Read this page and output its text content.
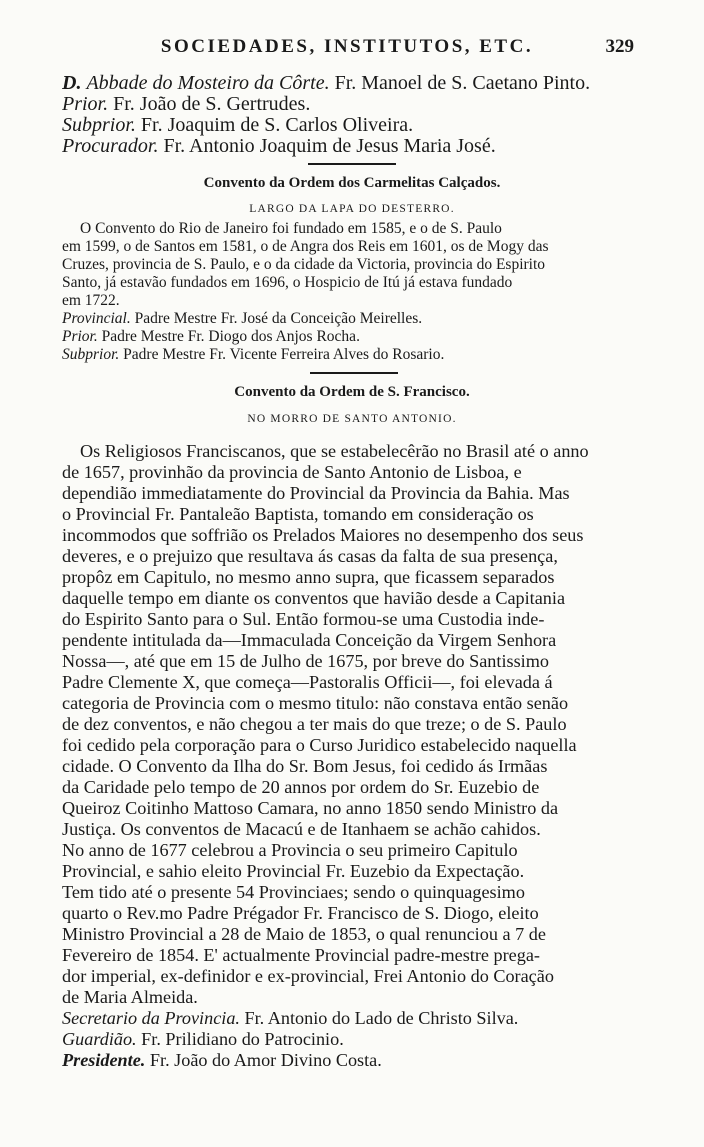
SOCIEDADES, INSTITUTOS, ETC.	329
D. Abbade do Mosteiro da Côrte. Fr. Manoel de S. Caetano Pinto.
Prior. Fr. João de S. Gertrudes.
Subprior. Fr. Joaquim de S. Carlos Oliveira.
Procurador. Fr. Antonio Joaquim de Jesus Maria José.
Convento da Ordem dos Carmelitas Calçados.
LARGO DA LAPA DO DESTERRO.
O Convento do Rio de Janeiro foi fundado em 1585, e o de S. Paulo
em 1599, o de Santos em 1581, o de Angra dos Reis em 1601, os de Mogy das
Cruzes, provincia de S. Paulo, e o da cidade da Victoria, provincia do Espirito
Santo, já estavão fundados em 1696, o Hospicio de Itú já estava fundado
em 1722.
Provincial. Padre Mestre Fr. José da Conceição Meirelles.
Prior. Padre Mestre Fr. Diogo dos Anjos Rocha.
Subprior. Padre Mestre Fr. Vicente Ferreira Alves do Rosario.
Convento da Ordem de S. Francisco.
NO MORRO DE SANTO ANTONIO.
Os Religiosos Franciscanos, que se estabelecêrão no Brasil até o anno
de 1657, provinhão da provincia de Santo Antonio de Lisboa, e
dependião immediatamente do Provincial da Provincia da Bahia. Mas
o Provincial Fr. Pantaleão Baptista, tomando em consideração os
incommodos que soffrião os Prelados Maiores no desempenho dos seus
deveres, e o prejuizo que resultava ás casas da falta de sua presença,
propôz em Capitulo, no mesmo anno supra, que ficassem separados
daquelle tempo em diante os conventos que havião desde a Capitania
do Espirito Santo para o Sul. Então formou-se uma Custodia inde-
pendente intitulada da—Immaculada Conceição da Virgem Senhora
Nossa—, até que em 15 de Julho de 1675, por breve do Santissimo
Padre Clemente X, que começa—Pastoralis Officii—, foi elevada á
categoria de Provincia com o mesmo titulo: não constava então senão
de dez conventos, e não chegou a ter mais do que treze; o de S. Paulo
foi cedido pela corporação para o Curso Juridico estabelecido naquella
cidade. O Convento da Ilha do Sr. Bom Jesus, foi cedido ás Irmãas
da Caridade pelo tempo de 20 annos por ordem do Sr. Euzebio de
Queiroz Coitinho Mattoso Camara, no anno 1850 sendo Ministro da
Justiça. Os conventos de Macacú e de Itanhaem se achão cahidos.
No anno de 1677 celebrou a Provincia o seu primeiro Capitulo
Provincial, e sahio eleito Provincial Fr. Euzebio da Expectação.
Tem tido até o presente 54 Provinciaes; sendo o quinquagesimo
quarto o Rev.mo Padre Prégador Fr. Francisco de S. Diogo, eleito
Ministro Provincial a 28 de Maio de 1853, o qual renunciou a 7 de
Fevereiro de 1854. E' actualmente Provincial padre-mestre prega-
dor imperial, ex-definidor e ex-provincial, Frei Antonio do Coração
de Maria Almeida.
Secretario da Provincia. Fr. Antonio do Lado de Christo Silva.
Guardião. Fr. Prilidiano do Patrocinio.
Presidente. Fr. João do Amor Divino Costa.
